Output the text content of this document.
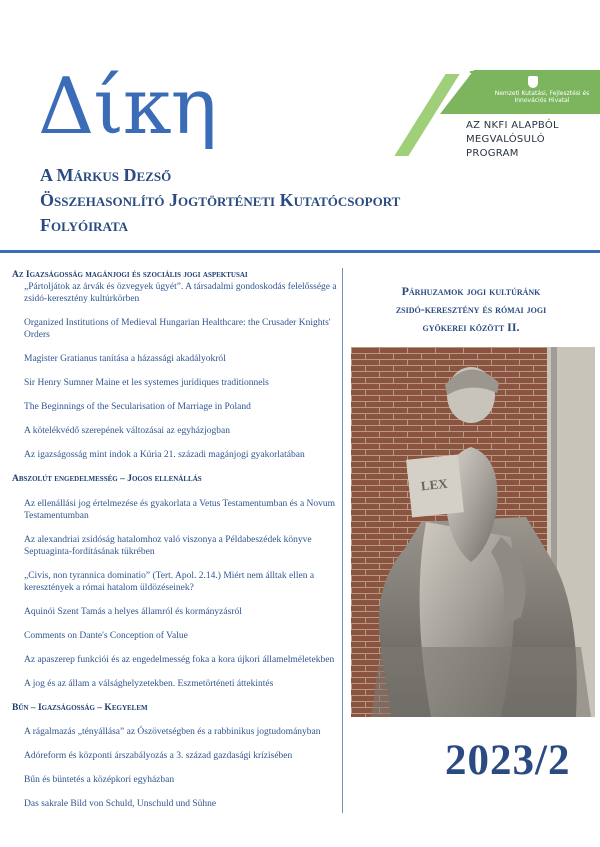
Δίκη
A Márkus Dezső
Összehasonlító Jogtörténeti Kutatócsoport
Folyóirata
Nemzeti Kutatási, Fejlesztési és Innovációs Hivatal
AZ NKFI ALAPBÓL
MEGVALÓSULÓ PROGRAM
Az Igazságosság magánjogi és szociális jogi aspektusai
„Pártoljátok az árvák és özvegyek ügyét”. A társadalmi gondoskodás felelőssége a zsidó-keresztény kultúrkörben
Organized Institutions of Medieval Hungarian Healthcare: the Crusader Knights' Orders
Magister Gratianus tanítása a házassági akadályokról
Sir Henry Sumner Maine et les systemes juridiques traditionnels
The Beginnings of the Secularisation of Marriage in Poland
A kötelékvédő szerepének változásai az egyházjogban
Az igazságosság mint indok a Kúria 21. századi magánjogi gyakorlatában
Abszolút engedelmesség – Jogos ellenállás
Az ellenállási jog értelmezése és gyakorlata a Vetus Testamentumban és a Novum Testamentumban
Az alexandriai zsidóság hatalomhoz való viszonya a Példabeszédek könyve Septuaginta-fordításának tükrében
„Civis, non tyrannica dominatio” (Tert. Apol. 2.14.) Miért nem álltak ellen a keresztények a római hatalom üldözéseinek?
Aquinói Szent Tamás a helyes államról és kormányzásról
Comments on Dante's Conception of Value
Az apaszerep funkciói és az engedelmesség foka a kora újkori államelméletekben
A jog és az állam a válsághelyzetekben. Eszmetörténeti áttekintés
Bűn – Igazságosság – Kegyelem
A rágalmazás „tényállása” az Ószövetségben és a rabbinikus jogtudományban
Adóreform és központi árszabályozás a 3. század gazdasági krízisében
Bűn és büntetés a középkori egyházban
Das sakrale Bild von Schuld, Unschuld und Sühne
Párhuzamok jogi kultúránk
zsidó-keresztény és római jogi
gyökerei között II.
LEX
2023/2
